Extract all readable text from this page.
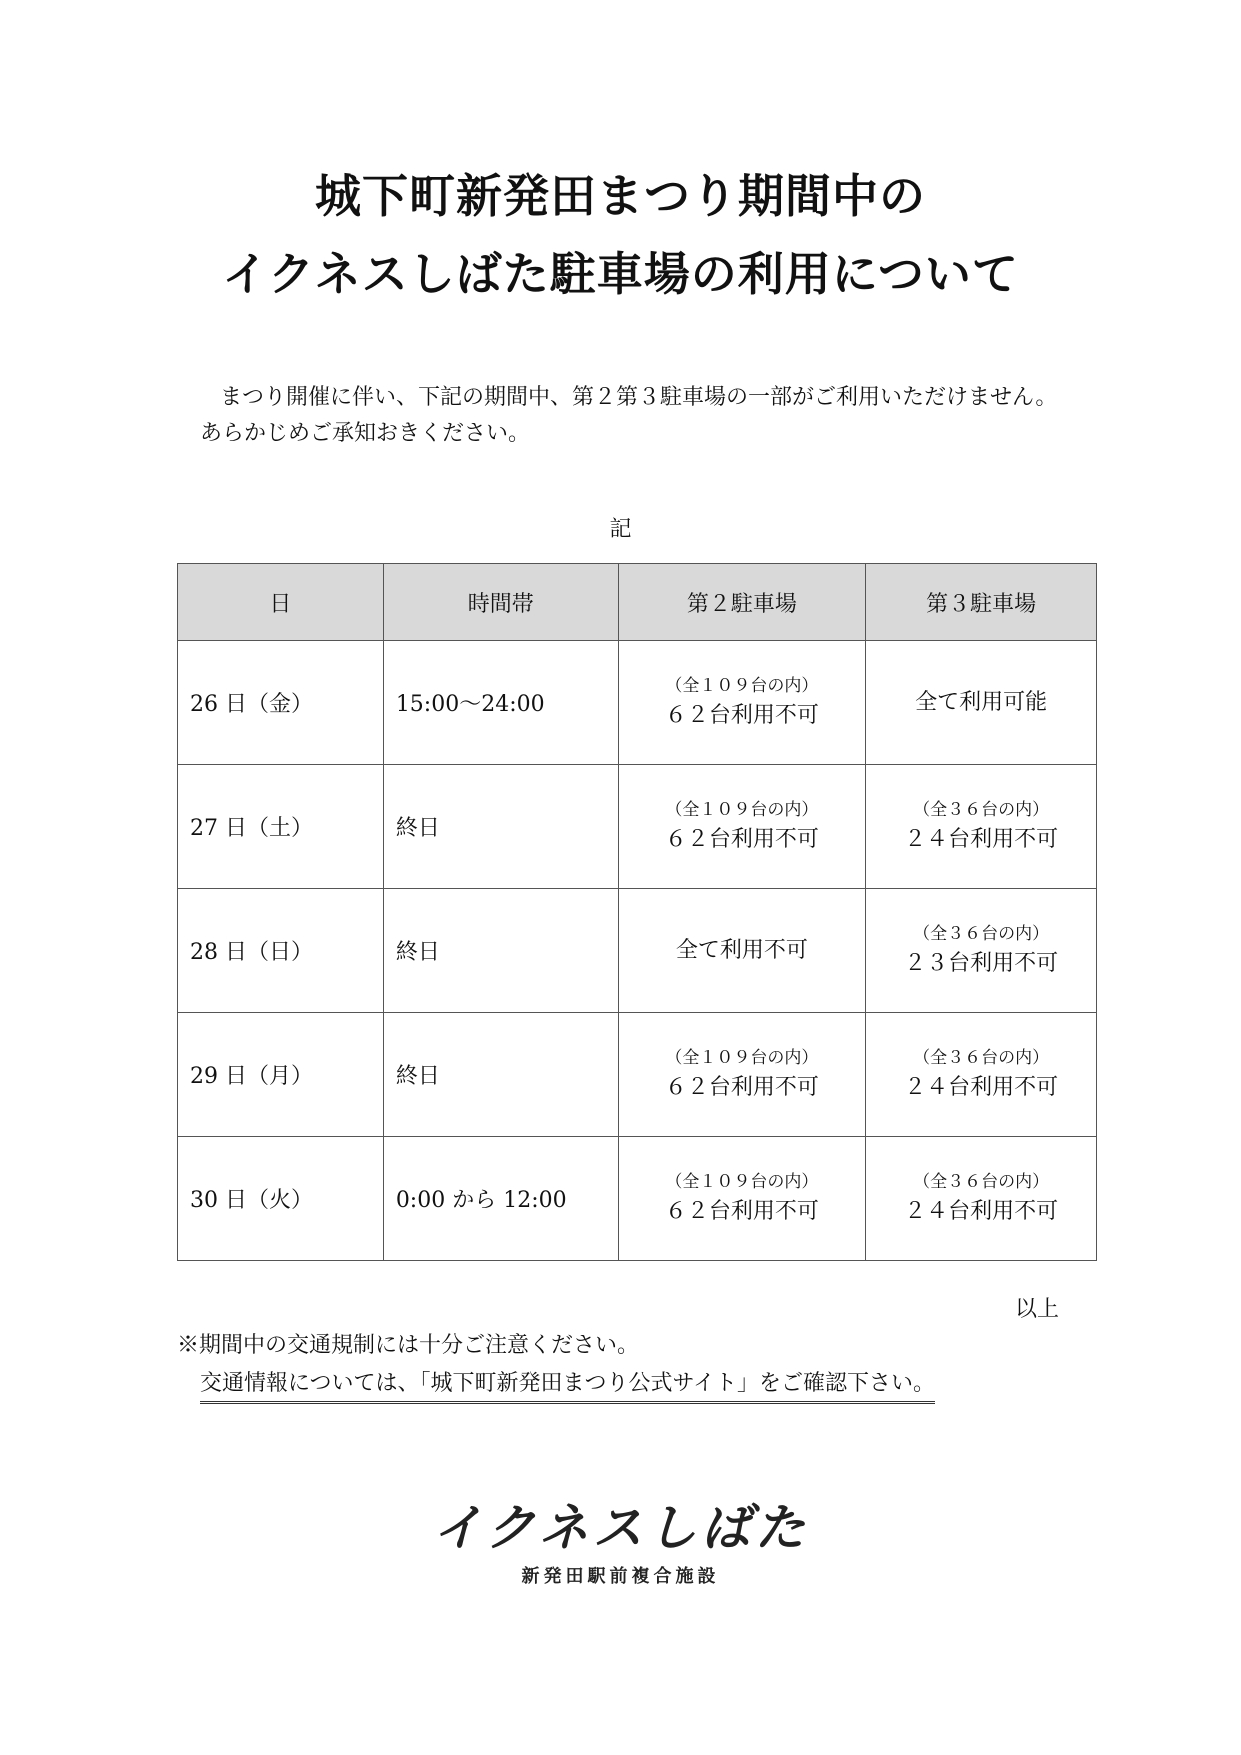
城下町新発田まつり期間中の
イクネスしばた駐車場の利用について
まつり開催に伴い、下記の期間中、第２第３駐車場の一部がご利用いただけません。
あらかじめご承知おきください。
記
日	時間帯	第２駐車場	第３駐車場
26 日（金）	15:00～24:00	（全１０９台の内）
６２台利用不可	全て利用可能

27 日（土）	終日	（全１０９台の内）
６２台利用不可	（全３６台の内）
２４台利用不可

28 日（日）	終日	全て利用不可	（全３６台の内）
２３台利用不可

29 日（月）	終日	（全１０９台の内）
６２台利用不可	（全３６台の内）
２４台利用不可

30 日（火）	0:00 から 12:00	（全１０９台の内）
６２台利用不可	（全３６台の内）
２４台利用不可
以上
※期間中の交通規制には十分ご注意ください。
交通情報については、「城下町新発田まつり公式サイト」をご確認下さい。
イクネスしばた
新発田駅前複合施設
